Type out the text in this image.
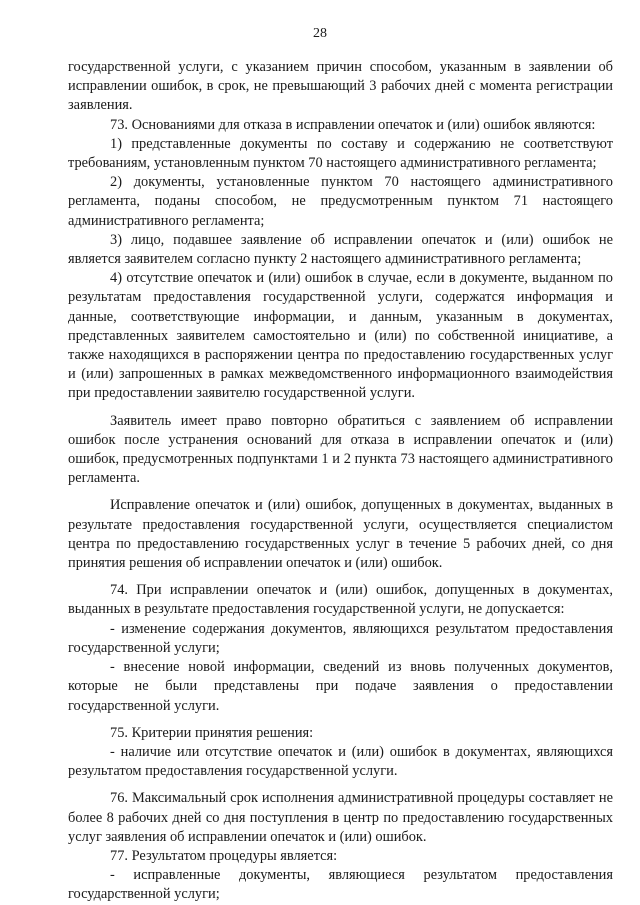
28

государственной услуги, с указанием причин способом, указанным в заявлении об исправлении ошибок, в срок, не превышающий 3 рабочих дней с момента регистрации заявления.

73. Основаниями для отказа в исправлении опечаток и (или) ошибок являются:

1) представленные документы по составу и содержанию не соответствуют требованиям, установленным пунктом 70 настоящего административного регламента;

2) документы, установленные пунктом 70 настоящего административного регламента, поданы способом, не предусмотренным пунктом 71 настоящего административного регламента;

3) лицо, подавшее заявление об исправлении опечаток и (или) ошибок не является заявителем согласно пункту 2 настоящего административного регламента;

4) отсутствие опечаток и (или) ошибок в случае, если в документе, выданном по результатам предоставления государственной услуги, содержатся информация и данные, соответствующие информации, и данным, указанным в документах, представленных заявителем самостоятельно и (или) по собственной инициативе, а также находящихся в распоряжении центра по предоставлению государственных услуг и (или) запрошенных в рамках межведомственного информационного взаимодействия при предоставлении заявителю государственной услуги.

Заявитель имеет право повторно обратиться с заявлением об исправлении ошибок после устранения оснований для отказа в исправлении опечаток и (или) ошибок, предусмотренных подпунктами 1 и 2 пункта 73 настоящего административного регламента.

Исправление опечаток и (или) ошибок, допущенных в документах, выданных в результате предоставления государственной услуги, осуществляется специалистом центра по предоставлению государственных услуг в течение 5 рабочих дней, со дня принятия решения об исправлении опечаток и (или) ошибок.

74. При исправлении опечаток и (или) ошибок, допущенных в документах, выданных в результате предоставления государственной услуги, не допускается:

- изменение содержания документов, являющихся результатом предоставления государственной услуги;

- внесение новой информации, сведений из вновь полученных документов, которые не были представлены при подаче заявления о предоставлении государственной услуги.

75. Критерии принятия решения:

- наличие или отсутствие опечаток и (или) ошибок в документах, являющихся результатом предоставления государственной услуги.

76. Максимальный срок исполнения административной процедуры составляет не более 8 рабочих дней со дня поступления в центр по предоставлению государственных услуг заявления об исправлении опечаток и (или) ошибок.

77. Результатом процедуры является:

- исправленные документы, являющиеся результатом предоставления государственной услуги;
